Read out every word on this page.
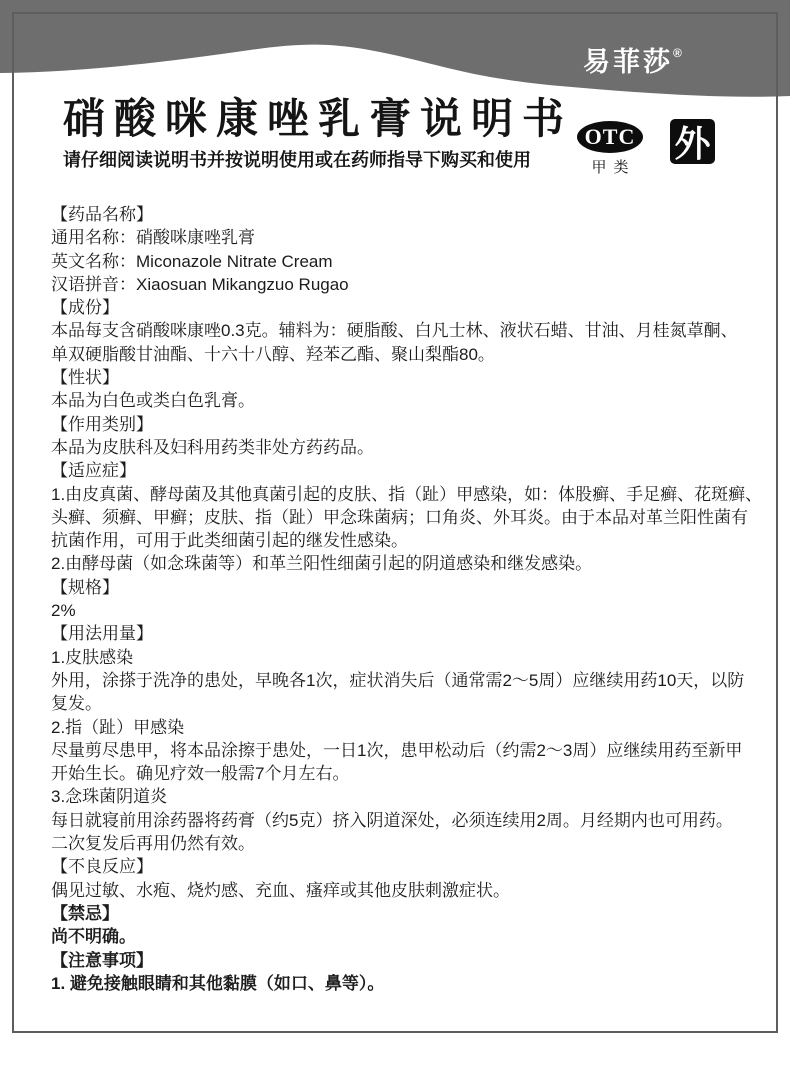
易菲莎®
硝酸咪康唑乳膏说明书
请仔细阅读说明书并按说明使用或在药师指导下购买和使用
OTC
甲类
外
【药品名称】
通用名称：硝酸咪康唑乳膏
英文名称：Miconazole Nitrate Cream
汉语拼音：Xiaosuan Mikangzuo Rugao
【成份】
本品每支含硝酸咪康唑0.3克。辅料为：硬脂酸、白凡士林、液状石蜡、甘油、月桂氮䓬酮、
单双硬脂酸甘油酯、十六十八醇、羟苯乙酯、聚山梨酯80。
【性状】
本品为白色或类白色乳膏。
【作用类别】
本品为皮肤科及妇科用药类非处方药药品。
【适应症】
1.由皮真菌、酵母菌及其他真菌引起的皮肤、指（趾）甲感染，如：体股癣、手足癣、花斑癣、
头癣、须癣、甲癣；皮肤、指（趾）甲念珠菌病；口角炎、外耳炎。由于本品对革兰阳性菌有
抗菌作用，可用于此类细菌引起的继发性感染。
2.由酵母菌（如念珠菌等）和革兰阳性细菌引起的阴道感染和继发感染。
【规格】
2%
【用法用量】
1.皮肤感染
外用，涂搽于洗净的患处，早晚各1次，症状消失后（通常需2～5周）应继续用药10天，以防
复发。
2.指（趾）甲感染
尽量剪尽患甲，将本品涂擦于患处，一日1次，患甲松动后（约需2～3周）应继续用药至新甲
开始生长。确见疗效一般需7个月左右。
3.念珠菌阴道炎
每日就寝前用涂药器将药膏（约5克）挤入阴道深处，必须连续用2周。月经期内也可用药。
二次复发后再用仍然有效。
【不良反应】
偶见过敏、水疱、烧灼感、充血、瘙痒或其他皮肤刺激症状。
【禁忌】
尚不明确。
【注意事项】
1. 避免接触眼睛和其他黏膜（如口、鼻等）。
